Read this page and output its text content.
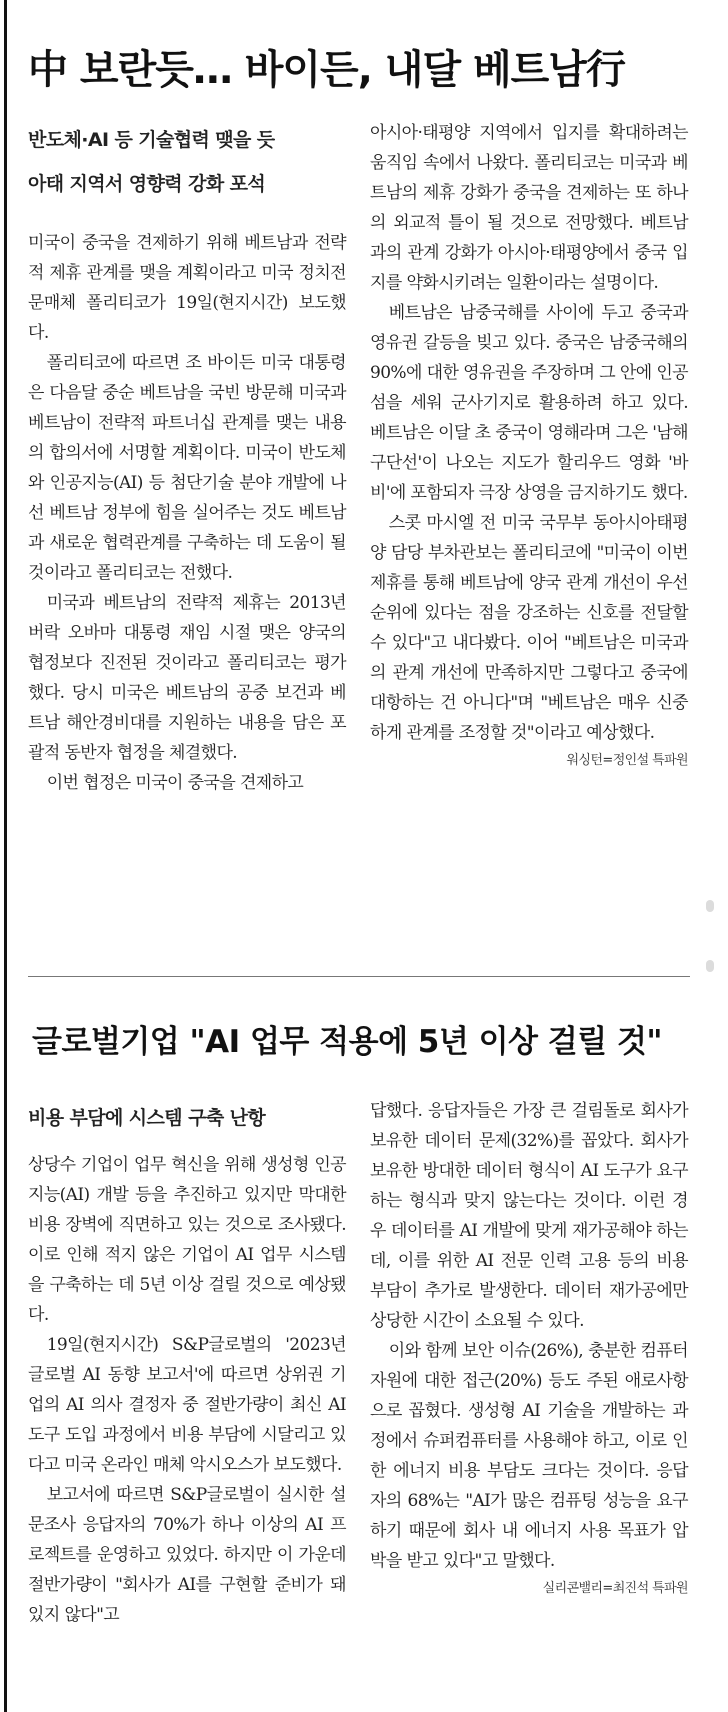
中 보란듯… 바이든, 내달 베트남行
반도체·AI 등 기술협력 맺을 듯
아태 지역서 영향력 강화 포석

미국이 중국을 견제하기 위해 베트남과 전략적 제휴 관계를 맺을 계획이라고 미국 정치전문매체 폴리티코가 19일(현지시간) 보도했다.

폴리티코에 따르면 조 바이든 미국 대통령은 다음달 중순 베트남을 국빈 방문해 미국과 베트남이 전략적 파트너십 관계를 맺는 내용의 합의서에 서명할 계획이다. 미국이 반도체와 인공지능(AI) 등 첨단기술 분야 개발에 나선 베트남 정부에 힘을 실어주는 것도 베트남과 새로운 협력관계를 구축하는 데 도움이 될 것이라고 폴리티코는 전했다.

미국과 베트남의 전략적 제휴는 2013년 버락 오바마 대통령 재임 시절 맺은 양국의 협정보다 진전된 것이라고 폴리티코는 평가했다. 당시 미국은 베트남의 공중 보건과 베트남 해안경비대를 지원하는 내용을 담은 포괄적 동반자 협정을 체결했다.

이번 협정은 미국이 중국을 견제하고

아시아·태평양 지역에서 입지를 확대하려는 움직임 속에서 나왔다. 폴리티코는 미국과 베트남의 제휴 강화가 중국을 견제하는 또 하나의 외교적 틀이 될 것으로 전망했다. 베트남과의 관계 강화가 아시아·태평양에서 중국 입지를 약화시키려는 일환이라는 설명이다.

베트남은 남중국해를 사이에 두고 중국과 영유권 갈등을 빚고 있다. 중국은 남중국해의 90%에 대한 영유권을 주장하며 그 안에 인공섬을 세워 군사기지로 활용하려 하고 있다. 베트남은 이달 초 중국이 영해라며 그은 '남해 구단선'이 나오는 지도가 할리우드 영화 '바비'에 포함되자 극장 상영을 금지하기도 했다.

스콧 마시엘 전 미국 국무부 동아시아태평양 담당 부차관보는 폴리티코에 "미국이 이번 제휴를 통해 베트남에 양국 관계 개선이 우선순위에 있다는 점을 강조하는 신호를 전달할 수 있다"고 내다봤다. 이어 "베트남은 미국과의 관계 개선에 만족하지만 그렇다고 중국에 대항하는 건 아니다"며 "베트남은 매우 신중하게 관계를 조정할 것"이라고 예상했다.

워싱턴=정인설 특파원
글로벌기업 "AI 업무 적용에 5년 이상 걸릴 것"
비용 부담에 시스템 구축 난항

상당수 기업이 업무 혁신을 위해 생성형 인공지능(AI) 개발 등을 추진하고 있지만 막대한 비용 장벽에 직면하고 있는 것으로 조사됐다. 이로 인해 적지 않은 기업이 AI 업무 시스템을 구축하는 데 5년 이상 걸릴 것으로 예상됐다.

19일(현지시간) S&P글로벌의 '2023년 글로벌 AI 동향 보고서'에 따르면 상위권 기업의 AI 의사 결정자 중 절반가량이 최신 AI 도구 도입 과정에서 비용 부담에 시달리고 있다고 미국 온라인 매체 악시오스가 보도했다.

보고서에 따르면 S&P글로벌이 실시한 설문조사 응답자의 70%가 하나 이상의 AI 프로젝트를 운영하고 있었다. 하지만 이 가운데 절반가량이 "회사가 AI를 구현할 준비가 돼 있지 않다"고

답했다. 응답자들은 가장 큰 걸림돌로 회사가 보유한 데이터 문제(32%)를 꼽았다. 회사가 보유한 방대한 데이터 형식이 AI 도구가 요구하는 형식과 맞지 않는다는 것이다. 이런 경우 데이터를 AI 개발에 맞게 재가공해야 하는데, 이를 위한 AI 전문 인력 고용 등의 비용 부담이 추가로 발생한다. 데이터 재가공에만 상당한 시간이 소요될 수 있다.

이와 함께 보안 이슈(26%), 충분한 컴퓨터 자원에 대한 접근(20%) 등도 주된 애로사항으로 꼽혔다. 생성형 AI 기술을 개발하는 과정에서 슈퍼컴퓨터를 사용해야 하고, 이로 인한 에너지 비용 부담도 크다는 것이다. 응답자의 68%는 "AI가 많은 컴퓨팅 성능을 요구하기 때문에 회사 내 에너지 사용 목표가 압박을 받고 있다"고 말했다.

실리콘밸리=최진석 특파원
